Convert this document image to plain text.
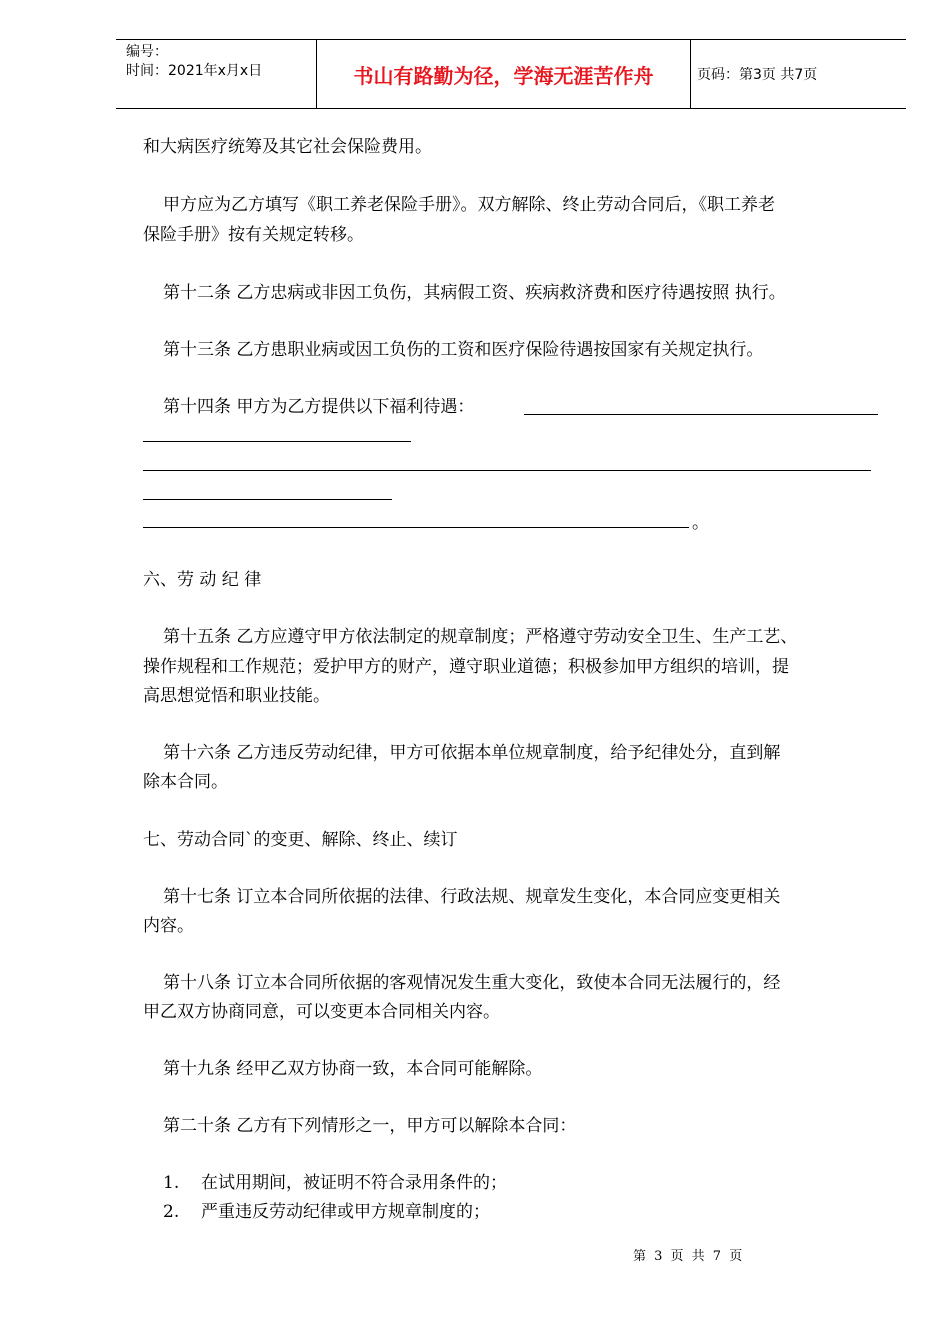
编号：
时间：2021年x月x日	书山有路勤为径，学海无涯苦作舟	页码：第3页 共7页
和大病医疗统筹及其它社会保险费用。
甲方应为乙方填写《职工养老保险手册》。双方解除、终止劳动合同后，《职工养老
保险手册》按有关规定转移。
第十二条 乙方忠病或非因工负伤，其病假工资、疾病救济费和医疗待遇按照 执行。
第十三条 乙方患职业病或因工负伤的工资和医疗保险待遇按国家有关规定执行。
第十四条 甲方为乙方提供以下福利待遇：
。
六、劳 动 纪 律
第十五条 乙方应遵守甲方依法制定的规章制度；严格遵守劳动安全卫生、生产工艺、
操作规程和工作规范；爱护甲方的财产，遵守职业道德；积极参加甲方组织的培训，提
高思想觉悟和职业技能。
第十六条 乙方违反劳动纪律，甲方可依据本单位规章制度，给予纪律处分，直到解
除本合同。
七、劳动合同`的变更、解除、终止、续订
第十七条 订立本合同所依据的法律、行政法规、规章发生变化，本合同应变更相关
内容。
第十八条 订立本合同所依据的客观情况发生重大变化，致使本合同无法履行的，经
甲乙双方协商同意，可以变更本合同相关内容。
第十九条 经甲乙双方协商一致，本合同可能解除。
第二十条 乙方有下列情形之一，甲方可以解除本合同：
1. 在试用期间，被证明不符合录用条件的；
2. 严重违反劳动纪律或甲方规章制度的；
第 3 页 共 7 页
